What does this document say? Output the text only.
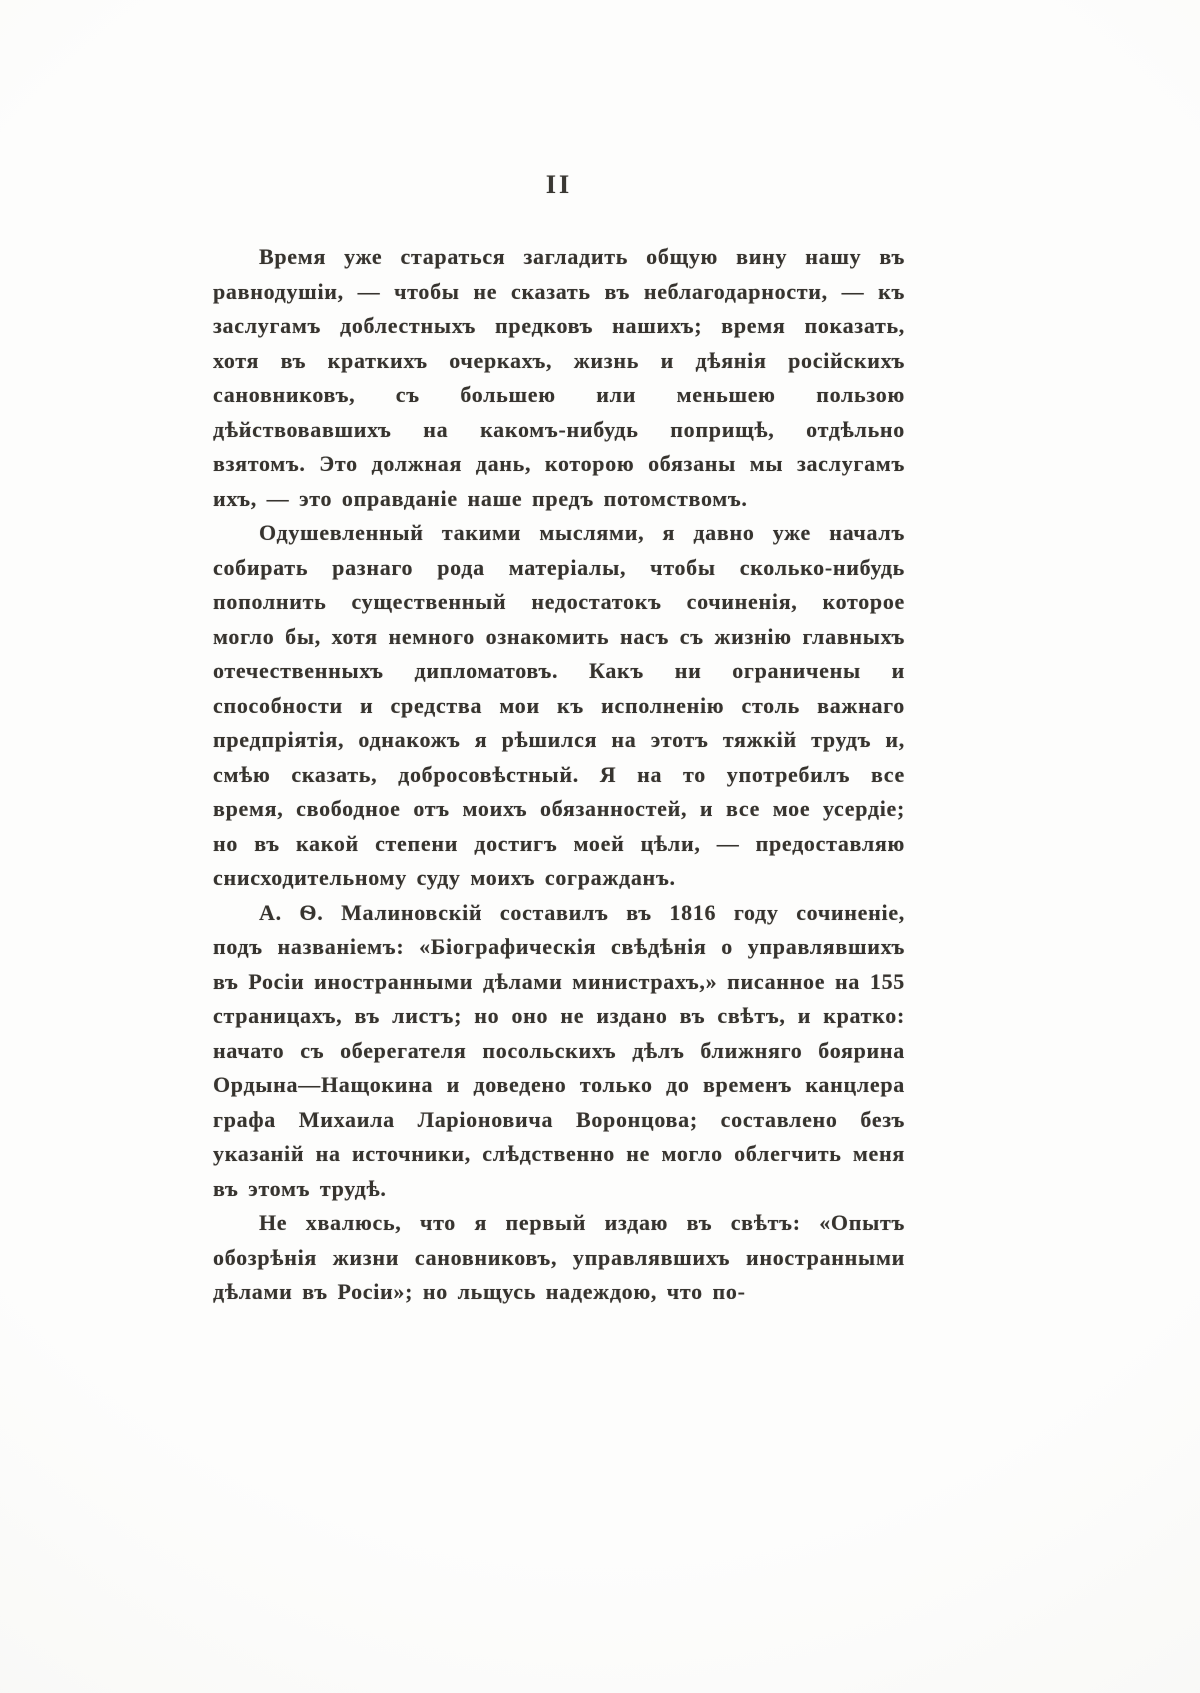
II

Время уже стараться загладить общую вину нашу въ равнодушіи, — чтобы не сказать въ неблагодарности, — къ заслугамъ доблестныхъ предковъ нашихъ; время показать, хотя въ краткихъ очеркахъ, жизнь и дѣянія російскихъ сановниковъ, съ большею или меньшею пользою дѣйствовавшихъ на какомъ-нибудь поприщѣ, отдѣльно взятомъ. Это должная дань, которою обязаны мы заслугамъ ихъ, — это оправданіе наше предъ потомствомъ.

Одушевленный такими мыслями, я давно уже началъ собирать разнаго рода матеріалы, чтобы сколько-нибудь пополнить существенный недостатокъ сочиненія, которое могло бы, хотя немного ознакомить насъ съ жизнію главныхъ отечественныхъ дипломатовъ. Какъ ни ограничены и способности и средства мои къ исполненію столь важнаго предпріятія, однакожъ я рѣшился на этотъ тяжкій трудъ и, смѣю сказать, добросовѣстный. Я на то употребилъ все время, свободное отъ моихъ обязанностей, и все мое усердіе; но въ какой степени достигъ моей цѣли, — предоставляю снисходительному суду моихъ согражданъ.

А. Ѳ. Малиновскій составилъ въ 1816 году сочиненіе, подъ названіемъ: «Біографическія свѣдѣнія о управлявшихъ въ Росіи иностранными дѣлами министрахъ,» писанное на 155 страницахъ, въ листъ; но оно не издано въ свѣтъ, и кратко: начато съ оберегателя посольскихъ дѣлъ ближняго боярина Ордына—Нащокина и доведено только до временъ канцлера графа Михаила Ларіоновича Воронцова; составлено безъ указаній на источники, слѣдственно не могло облегчить меня въ этомъ трудѣ.

Не хвалюсь, что я первый издаю въ свѣтъ: «Опытъ обозрѣнія жизни сановниковъ, управлявшихъ иностранными дѣлами въ Росіи»; но льщусь надеждою, что по-
